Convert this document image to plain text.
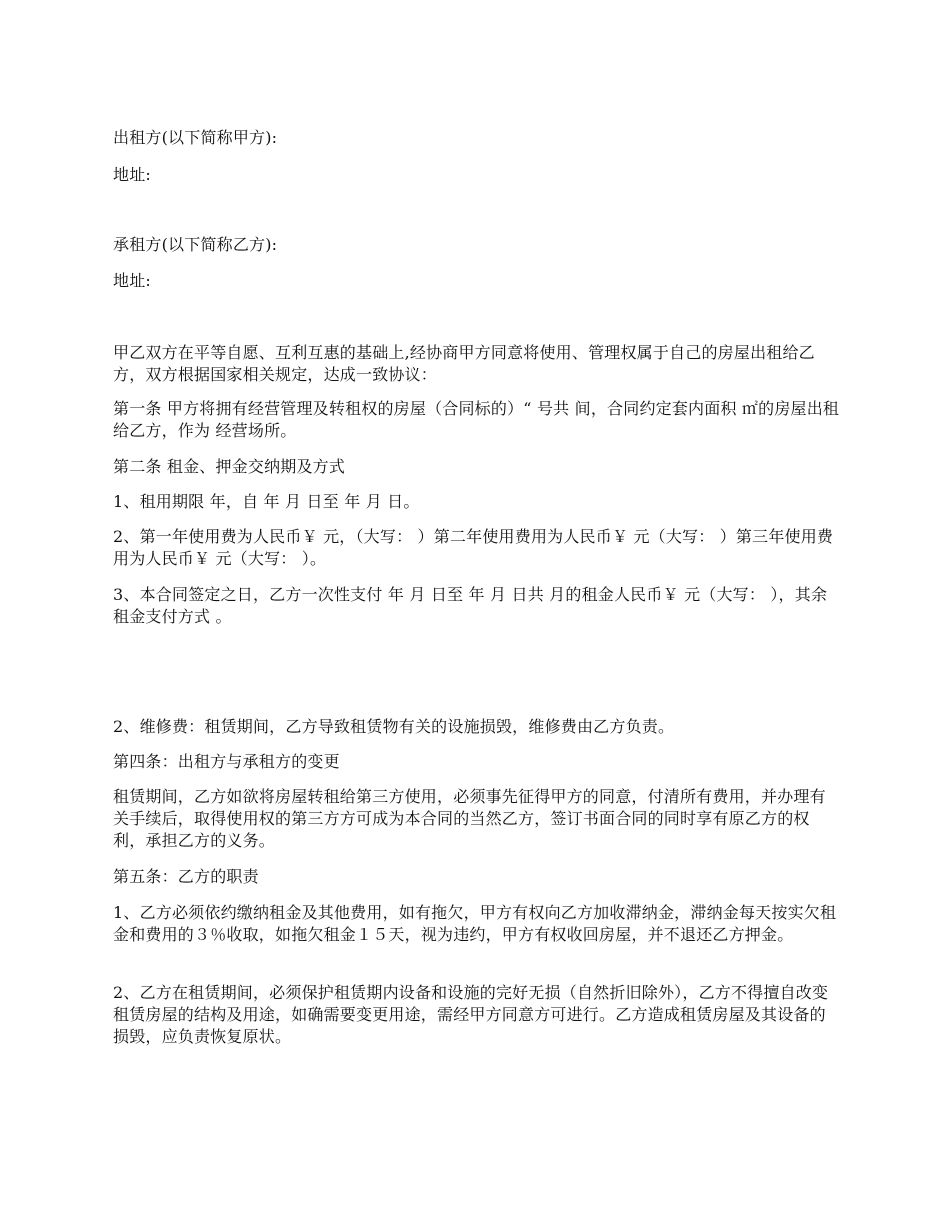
出租方(以下简称甲方):

地址:

承租方(以下简称乙方):

地址:

甲乙双方在平等自愿、互利互惠的基础上,经协商甲方同意将使用、管理权属于自己的房屋出租给乙方，双方根据国家相关规定，达成一致协议：

第一条 甲方将拥有经营管理及转租权的房屋（合同标的）“ 号共 间，合同约定套内面积 ㎡的房屋出租给乙方，作为 经营场所。

第二条 租金、押金交纳期及方式

1、租用期限 年，自 年 月 日至 年 月 日。

2、第一年使用费为人民币￥ 元，（大写： ）第二年使用费用为人民币￥ 元（大写： ）第三年使用费用为人民币￥ 元（大写： ）。

3、本合同签定之日，乙方一次性支付 年 月 日至 年 月 日共 月的租金人民币￥ 元（大写： ），其余租金支付方式 。

2、维修费：租赁期间，乙方导致租赁物有关的设施损毁，维修费由乙方负责。

第四条：出租方与承租方的变更

租赁期间，乙方如欲将房屋转租给第三方使用，必须事先征得甲方的同意，付清所有费用，并办理有关手续后，取得使用权的第三方方可成为本合同的当然乙方，签订书面合同的同时享有原乙方的权利，承担乙方的义务。

第五条：乙方的职责

1、乙方必须依约缴纳租金及其他费用，如有拖欠，甲方有权向乙方加收滞纳金，滞纳金每天按实欠租金和费用的３％收取，如拖欠租金１５天，视为违约，甲方有权收回房屋，并不退还乙方押金。

2、乙方在租赁期间，必须保护租赁期内设备和设施的完好无损（自然折旧除外），乙方不得擅自改变租赁房屋的结构及用途，如确需要变更用途，需经甲方同意方可进行。乙方造成租赁房屋及其设备的损毁，应负责恢复原状。
